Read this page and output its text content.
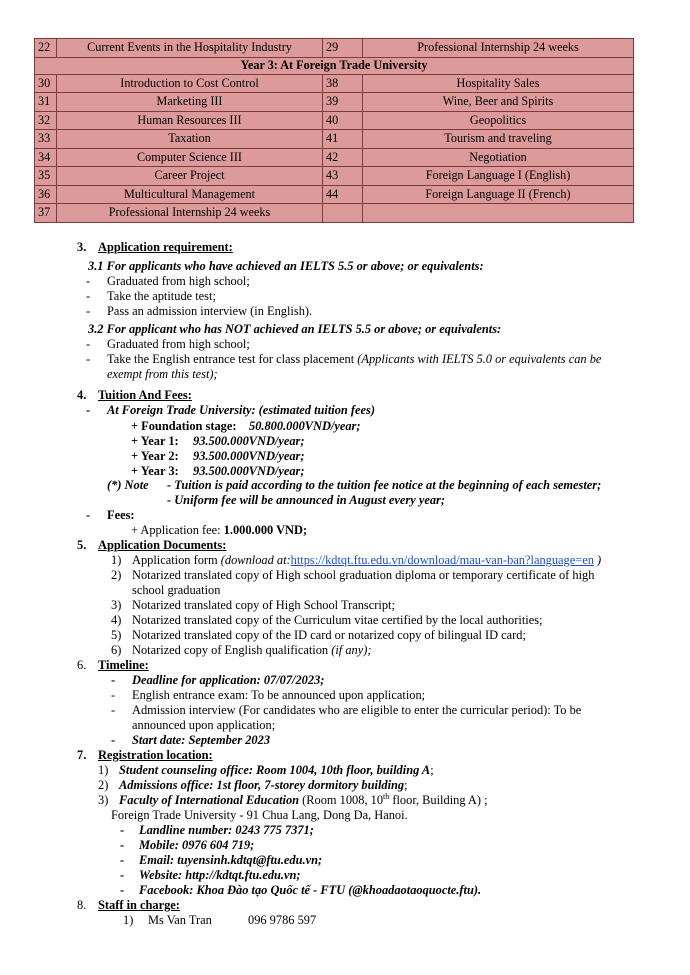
22	Current Events in the Hospitality Industry	29	Professional Internship 24 weeks
Year 3: At Foreign Trade University			
30	Introduction to Cost Control	38	Hospitality Sales
31	Marketing III	39	Wine, Beer and Spirits
32	Human Resources III	40	Geopolitics
33	Taxation	41	Tourism and traveling
34	Computer Science III	42	Negotiation
35	Career Project	43	Foreign Language I (English)
36	Multicultural Management	44	Foreign Language II (French)
37	Professional Internship 24 weeks		
3. Application requirement:
3.1 For applicants who have achieved an IELTS 5.5 or above; or equivalents:
- Graduated from high school;
- Take the aptitude test;
- Pass an admission interview (in English).
3.2 For applicant who has NOT achieved an IELTS 5.5 or above; or equivalents:
- Graduated from high school;
- Take the English entrance test for class placement (Applicants with IELTS 5.0 or equivalents can be
exempt from this test);
4. Tuition And Fees:
- At Foreign Trade University: (estimated tuition fees)
+ Foundation stage: 50.800.000VND/year;
+ Year 1: 93.500.000VND/year;
+ Year 2: 93.500.000VND/year;
+ Year 3: 93.500.000VND/year;
(*) Note - Tuition is paid according to the tuition fee notice at the beginning of each semester;
- Uniform fee will be announced in August every year;
- Fees:
+ Application fee: 1.000.000 VND;
5. Application Documents:
1) Application form (download at:https://kdtqt.ftu.edu.vn/download/mau-van-ban?language=en )
2) Notarized translated copy of High school graduation diploma or temporary certificate of high
school graduation
3) Notarized translated copy of High School Transcript;
4) Notarized translated copy of the Curriculum vitae certified by the local authorities;
5) Notarized translated copy of the ID card or notarized copy of bilingual ID card;
6) Notarized copy of English qualification (if any);
6. Timeline:
- Deadline for application: 07/07/2023;
- English entrance exam: To be announced upon application;
- Admission interview (For candidates who are eligible to enter the curricular period): To be
announced upon application;
- Start date: September 2023
7. Registration location:
1) Student counseling office: Room 1004, 10th floor, building A;
2) Admissions office: 1st floor, 7-storey dormitory building;
3) Faculty of International Education (Room 1008, 10th floor, Building A) ;
Foreign Trade University - 91 Chua Lang, Dong Da, Hanoi.
- Landline number: 0243 775 7371;
- Mobile: 0976 604 719;
- Email: tuyensinh.kdtqt@ftu.edu.vn;
- Website: http://kdtqt.ftu.edu.vn;
- Facebook: Khoa Đào tạo Quốc tế - FTU (@khoadaotaoquocte.ftu).
8. Staff in charge:
1) Ms Van Tran	096 9786 597
